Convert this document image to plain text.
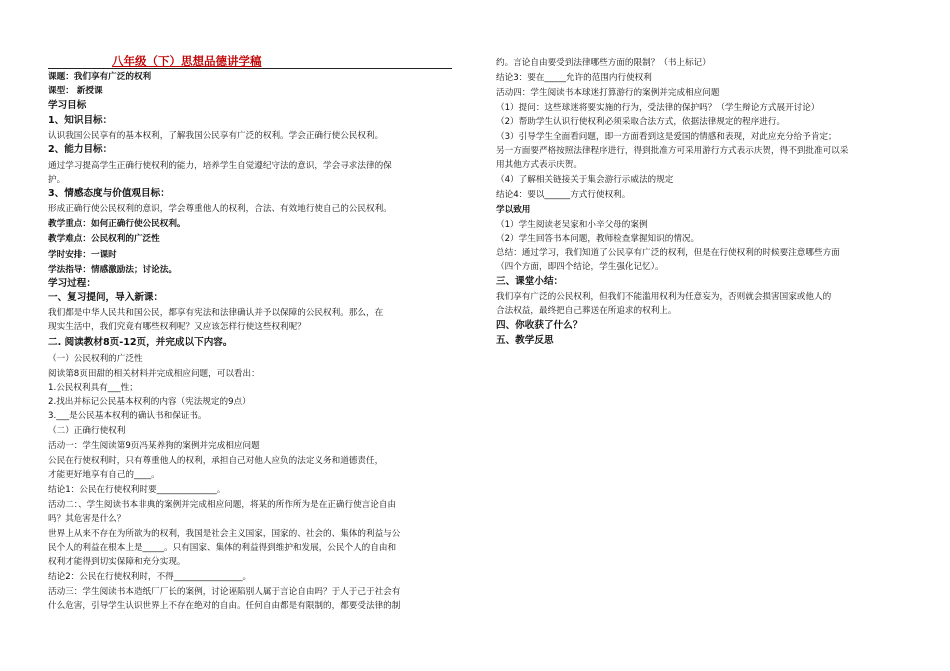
八年级（下）思想品德讲学稿
课题：我们享有广泛的权利
课型： 新授课
学习目标
1、知识目标：
认识我国公民享有的基本权利，了解我国公民享有广泛的权利。学会正确行使公民权利。
2、能力目标：
通过学习提高学生正确行使权利的能力，培养学生自觉遵纪守法的意识，学会寻求法律的保
护。
3、情感态度与价值观目标：
形成正确行使公民权利的意识，学会尊重他人的权利，合法、有效地行使自己的公民权利。
教学重点：如何正确行使公民权利。
教学难点：公民权利的广泛性
学时安排：一课时
学法指导：情感激励法；讨论法。
学习过程：
一、复习提问，导入新课：
我们都是中华人民共和国公民，都享有宪法和法律确认并予以保障的公民权利。那么，在
现实生活中，我们究竟有哪些权利呢？又应该怎样行使这些权利呢？
二. 阅读教材8页-12页，并完成以下内容。
（一）公民权利的广泛性
阅读第8页田甜的相关材料并完成相应问题，可以看出：
1.公民权利具有___性；
2.找出并标记公民基本权利的内容（宪法规定的9点）
3.___是公民基本权利的确认书和保证书。
（二）正确行使权利
活动一：学生阅读第9页冯某养狗的案例并完成相应问题
公民在行使权利时，只有尊重他人的权利，承担自己对他人应负的法定义务和道德责任，
才能更好地享有自己的____。
结论1：公民在行使权利时要______________。
活动二：、学生阅读书本非典的案例并完成相应问题，将某的所作所为是在正确行使言论自由
吗？其危害是什么？
世界上从来不存在为所欲为的权利，我国是社会主义国家，国家的、社会的、集体的利益与公
民个人的利益在根本上是_____。只有国家、集体的利益得到维护和发展，公民个人的自由和
权利才能得到切实保障和充分实现。
结论2：公民在行使权利时，不得________________。
活动三：学生阅读书本造纸厂厂长的案例，讨论诬陷别人属于言论自由吗？于人于己于社会有
什么危害，引导学生认识世界上不存在绝对的自由。任何自由都是有限制的，都要受法律的制
约。言论自由要受到法律哪些方面的限制？（书上标记）
结论3：要在_____允许的范围内行使权利
活动四：学生阅读书本球迷打算游行的案例并完成相应问题
（1）提问：这些球迷将要实施的行为，受法律的保护吗？（学生辩论方式展开讨论）
（2）帮助学生认识行使权利必须采取合法方式，依据法律规定的程序进行。
（3）引导学生全面看问题，即一方面看到这是爱国的情感和表现，对此应充分给予肯定；
另一方面要严格按照法律程序进行，得到批准方可采用游行方式表示庆贺，得不到批准可以采
用其他方式表示庆贺。
（4）了解相关链接关于集会游行示威法的规定
结论4：要以______方式行使权利。
学以致用
（1）学生阅读老吴家和小辛父母的案例
（2）学生回答书本问题，教师检查掌握知识的情况。
总结：通过学习，我们知道了公民享有广泛的权利，但是在行使权利的时候要注意哪些方面
（四个方面，即四个结论，学生强化记忆）。
三、课堂小结：
我们享有广泛的公民权利，但我们不能滥用权利为任意妄为，否则就会损害国家或他人的
合法权益，最终把自己葬送在所追求的权利上。
四、你收获了什么？
五、教学反思
